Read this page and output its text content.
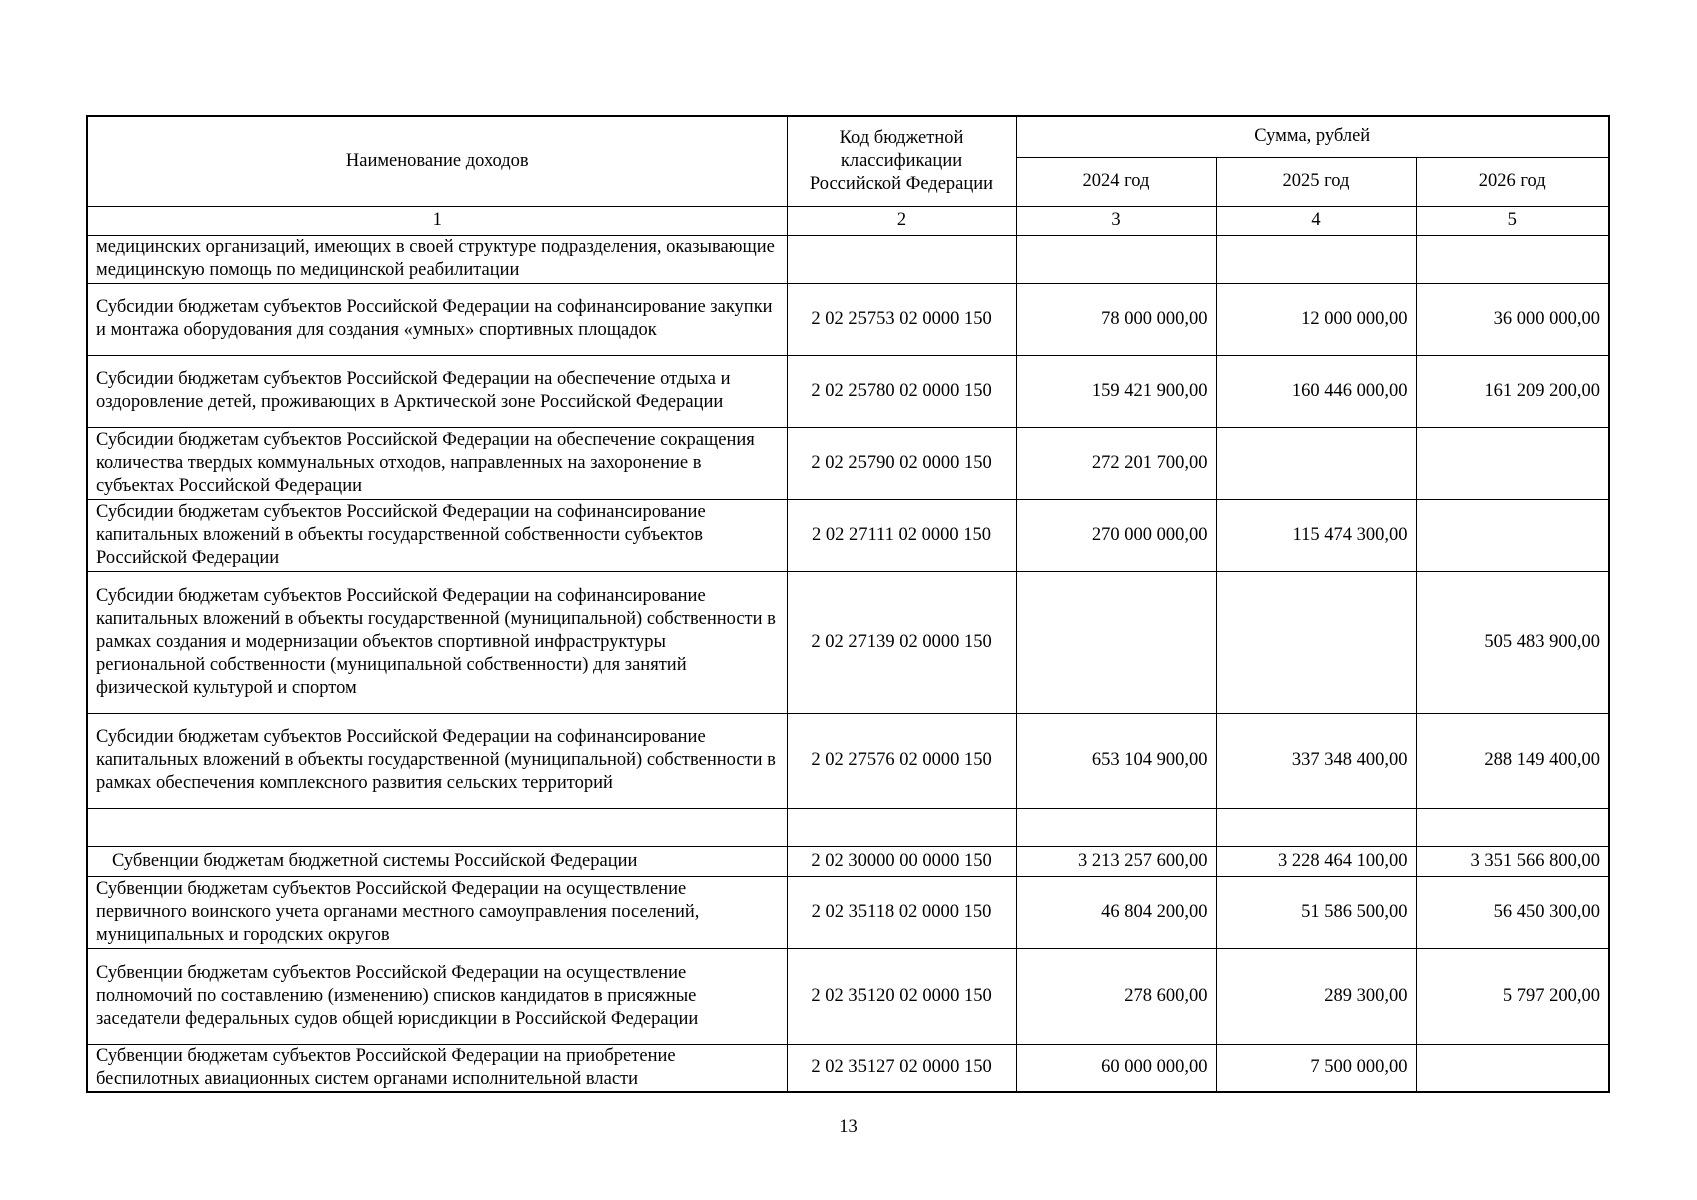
Наименование доходов	Код бюджетной классификации Российской Федерации	Сумма, рублей		
		2024 год	2025 год	2026 год
1	2	3	4	5
медицинских организаций, имеющих в своей структуре подразделения, оказывающие медицинскую помощь по медицинской реабилитации				
Субсидии бюджетам субъектов Российской Федерации на софинансирование закупки и монтажа оборудования для создания «умных» спортивных площадок	2 02 25753 02 0000 150	78 000 000,00	12 000 000,00	36 000 000,00
Субсидии бюджетам субъектов Российской Федерации на обеспечение отдыха и оздоровление детей, проживающих в Арктической зоне Российской Федерации	2 02 25780 02 0000 150	159 421 900,00	160 446 000,00	161 209 200,00
Субсидии бюджетам субъектов Российской Федерации на обеспечение сокращения количества твердых коммунальных отходов, направленных на захоронение в субъектах Российской Федерации	2 02 25790 02 0000 150	272 201 700,00		
Субсидии бюджетам субъектов Российской Федерации на софинансирование капитальных вложений в объекты государственной собственности субъектов Российской Федерации	2 02 27111 02 0000 150	270 000 000,00	115 474 300,00	
Субсидии бюджетам субъектов Российской Федерации на софинансирование капитальных вложений в объекты государственной (муниципальной) собственности в рамках создания и модернизации объектов спортивной инфраструктуры региональной собственности (муниципальной собственности) для занятий физической культурой и спортом	2 02 27139 02 0000 150			505 483 900,00
Субсидии бюджетам субъектов Российской Федерации на софинансирование капитальных вложений в объекты государственной (муниципальной) собственности в рамках обеспечения комплексного развития сельских территорий	2 02 27576 02 0000 150	653 104 900,00	337 348 400,00	288 149 400,00

Субвенции бюджетам бюджетной системы Российской Федерации	2 02 30000 00 0000 150	3 213 257 600,00	3 228 464 100,00	3 351 566 800,00
Субвенции бюджетам субъектов Российской Федерации на осуществление первичного воинского учета органами местного самоуправления поселений, муниципальных и городских округов	2 02 35118 02 0000 150	46 804 200,00	51 586 500,00	56 450 300,00
Субвенции бюджетам субъектов Российской Федерации на осуществление полномочий по составлению (изменению) списков кандидатов в присяжные заседатели федеральных судов общей юрисдикции в Российской Федерации	2 02 35120 02 0000 150	278 600,00	289 300,00	5 797 200,00
Субвенции бюджетам субъектов Российской Федерации на приобретение беспилотных авиационных систем органами исполнительной власти	2 02 35127 02 0000 150	60 000 000,00	7 500 000,00	
13
